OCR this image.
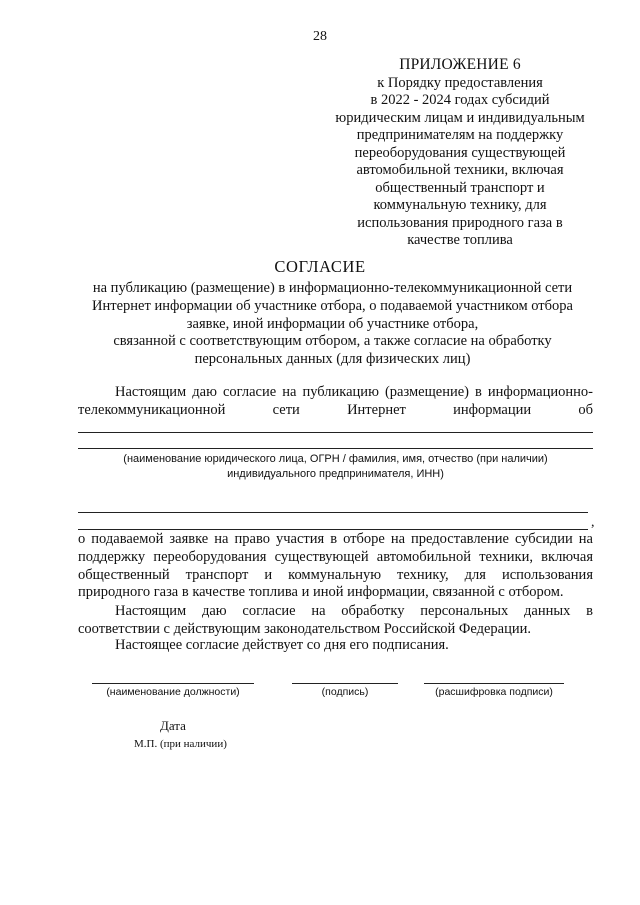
28
ПРИЛОЖЕНИЕ 6
к Порядку предоставления
в 2022 - 2024 годах субсидий
юридическим лицам и индивидуальным
предпринимателям на поддержку
переоборудования существующей
автомобильной техники, включая
общественный транспорт и
коммунальную технику, для
использования природного газа в
качестве топлива
СОГЛАСИЕ
на публикацию (размещение) в информационно-телекоммуникационной сети
Интернет информации об участнике отбора, о подаваемой участником отбора
заявке, иной информации об участнике отбора,
связанной с соответствующим отбором, а также согласие на обработку
персональных данных (для физических лиц)
Настоящим даю согласие на публикацию (размещение) в информационно-телекоммуникационной сети Интернет информации об
(наименование юридического лица, ОГРН / фамилия, имя, отчество (при наличии)
индивидуального предпринимателя, ИНН)
,
о подаваемой заявке на право участия в отборе на предоставление субсидии на поддержку переоборудования существующей автомобильной техники, включая общественный транспорт и коммунальную технику, для использования природного газа в качестве топлива и иной информации, связанной с отбором.
Настоящим даю согласие на обработку персональных данных в соответствии с действующим законодательством Российской Федерации.
Настоящее согласие действует со дня его подписания.
(наименование должности)	(подпись)	(расшифровка подписи)
Дата
М.П. (при наличии)
